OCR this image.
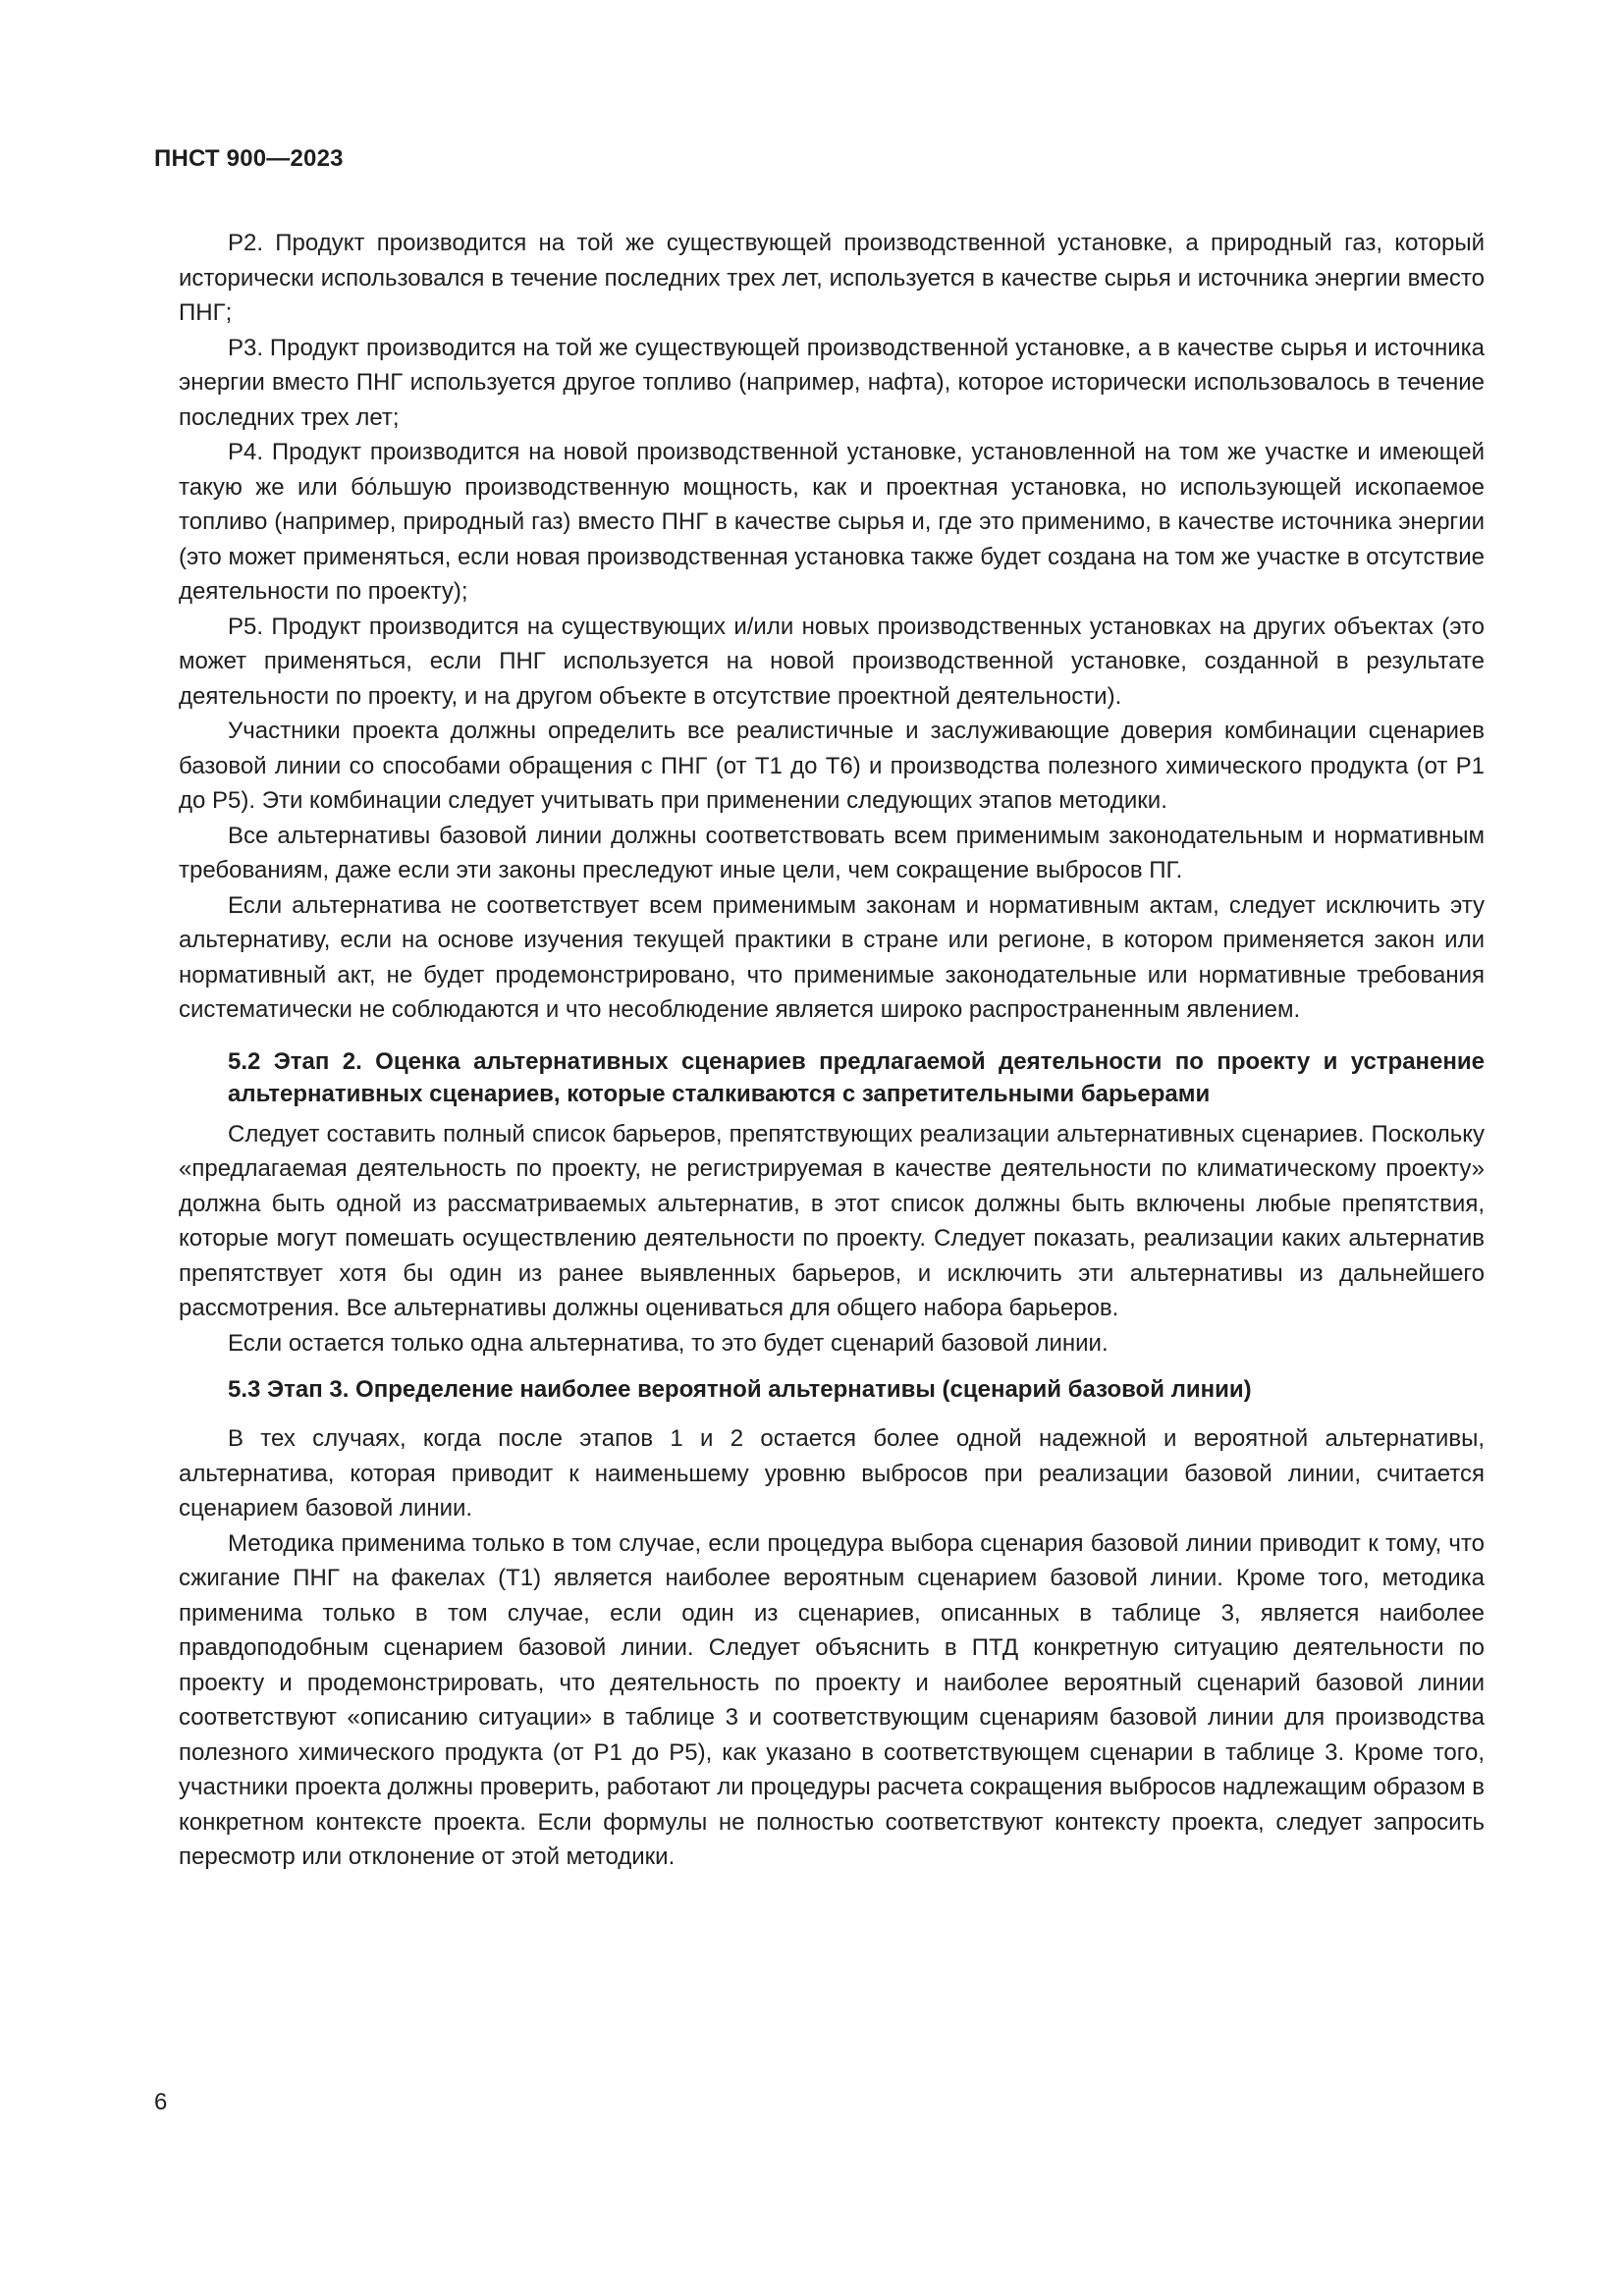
ПНСТ 900—2023

Р2. Продукт производится на той же существующей производственной установке, а природный газ, который исторически использовался в течение последних трех лет, используется в качестве сырья и источника энергии вместо ПНГ;

Р3. Продукт производится на той же существующей производственной установке, а в качестве сырья и источника энергии вместо ПНГ используется другое топливо (например, нафта), которое исторически использовалось в течение последних трех лет;

Р4. Продукт производится на новой производственной установке, установленной на том же участке и имеющей такую же или бо́льшую производственную мощность, как и проектная установка, но использующей ископаемое топливо (например, природный газ) вместо ПНГ в качестве сырья и, где это применимо, в качестве источника энергии (это может применяться, если новая производственная установка также будет создана на том же участке в отсутствие деятельности по проекту);

Р5. Продукт производится на существующих и/или новых производственных установках на других объектах (это может применяться, если ПНГ используется на новой производственной установке, созданной в результате деятельности по проекту, и на другом объекте в отсутствие проектной деятельности).

Участники проекта должны определить все реалистичные и заслуживающие доверия комбинации сценариев базовой линии со способами обращения с ПНГ (от Т1 до Т6) и производства полезного химического продукта (от Р1 до Р5). Эти комбинации следует учитывать при применении следующих этапов методики.

Все альтернативы базовой линии должны соответствовать всем применимым законодательным и нормативным требованиям, даже если эти законы преследуют иные цели, чем сокращение выбросов ПГ.

Если альтернатива не соответствует всем применимым законам и нормативным актам, следует исключить эту альтернативу, если на основе изучения текущей практики в стране или регионе, в котором применяется закон или нормативный акт, не будет продемонстрировано, что применимые законодательные или нормативные требования систематически не соблюдаются и что несоблюдение является широко распространенным явлением.

5.2 Этап 2. Оценка альтернативных сценариев предлагаемой деятельности по проекту и устранение альтернативных сценариев, которые сталкиваются с запретительными барьерами

Следует составить полный список барьеров, препятствующих реализации альтернативных сценариев. Поскольку «предлагаемая деятельность по проекту, не регистрируемая в качестве деятельности по климатическому проекту» должна быть одной из рассматриваемых альтернатив, в этот список должны быть включены любые препятствия, которые могут помешать осуществлению деятельности по проекту. Следует показать, реализации каких альтернатив препятствует хотя бы один из ранее выявленных барьеров, и исключить эти альтернативы из дальнейшего рассмотрения. Все альтернативы должны оцениваться для общего набора барьеров.

Если остается только одна альтернатива, то это будет сценарий базовой линии.

5.3 Этап 3. Определение наиболее вероятной альтернативы (сценарий базовой линии)

В тех случаях, когда после этапов 1 и 2 остается более одной надежной и вероятной альтернативы, альтернатива, которая приводит к наименьшему уровню выбросов при реализации базовой линии, считается сценарием базовой линии.

Методика применима только в том случае, если процедура выбора сценария базовой линии приводит к тому, что сжигание ПНГ на факелах (Т1) является наиболее вероятным сценарием базовой линии. Кроме того, методика применима только в том случае, если один из сценариев, описанных в таблице 3, является наиболее правдоподобным сценарием базовой линии. Следует объяснить в ПТД конкретную ситуацию деятельности по проекту и продемонстрировать, что деятельность по проекту и наиболее вероятный сценарий базовой линии соответствуют «описанию ситуации» в таблице 3 и соответствующим сценариям базовой линии для производства полезного химического продукта (от Р1 до Р5), как указано в соответствующем сценарии в таблице 3. Кроме того, участники проекта должны проверить, работают ли процедуры расчета сокращения выбросов надлежащим образом в конкретном контексте проекта. Если формулы не полностью соответствуют контексту проекта, следует запросить пересмотр или отклонение от этой методики.

6
